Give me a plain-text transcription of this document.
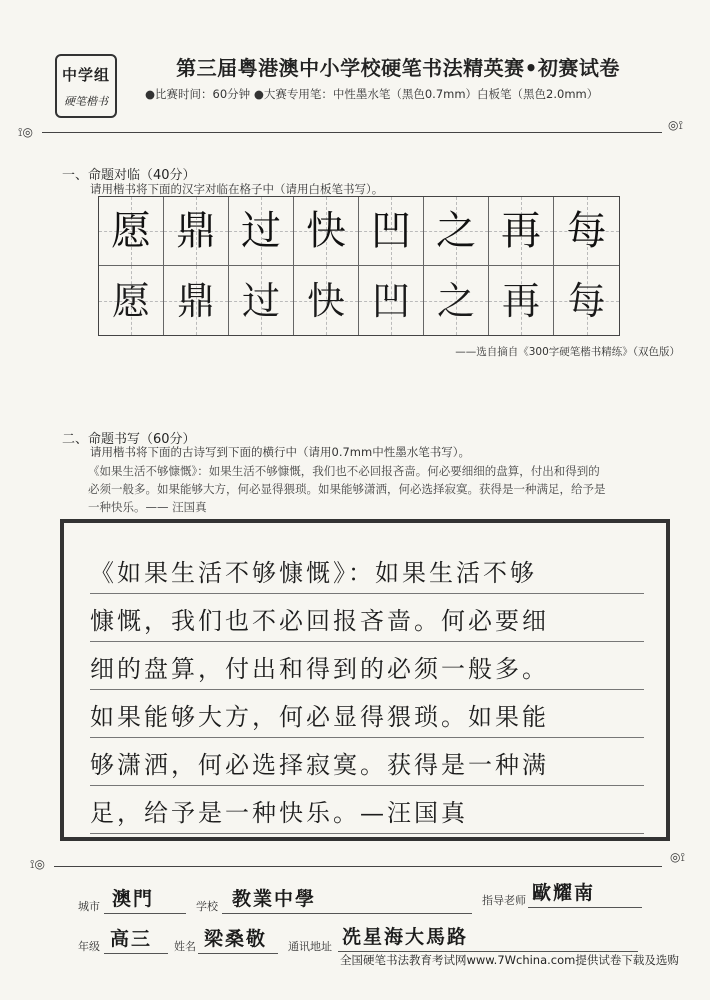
中学组
硬笔楷书
第三届粤港澳中小学校硬笔书法精英赛•初赛试卷
●比赛时间：60分钟 ●大赛专用笔：中性墨水笔（黑色0.7mm）白板笔（黑色2.0mm）
⟟◎	◎⟟
一、命题对临（40分）
请用楷书将下面的汉字对临在格子中（请用白板笔书写）。
愿 鼎 过 快 凹 之 再 每
愿 鼎 过 快 凹 之 再 每
——选自摘自《300字硬笔楷书精练》（双色版）
二、命题书写（60分）
请用楷书将下面的古诗写到下面的横行中（请用0.7mm中性墨水笔书写）。
《如果生活不够慷慨》：如果生活不够慷慨，我们也不必回报吝啬。何必要细细的盘算，付出和得到的
必须一般多。如果能够大方，何必显得猥琐。如果能够潇洒，何必选择寂寞。获得是一种满足，给予是
一种快乐。—— 汪国真
《如果生活不够慷慨》：如果生活不够
慷慨，我们也不必回报吝啬。何必要细
细的盘算，付出和得到的必须一般多。
如果能够大方，何必显得猥琐。如果能
够潇洒，何必选择寂寞。获得是一种满
足，给予是一种快乐。—汪国真
⟟◎	◎⟟
城市 澳門	学校 教業中學	指导老师 歐耀南
年级 高三 姓名 梁桑敬 通讯地址 冼星海大馬路
全国硬笔书法教育考试网www.7Wchina.com提供试卷下载及选购
